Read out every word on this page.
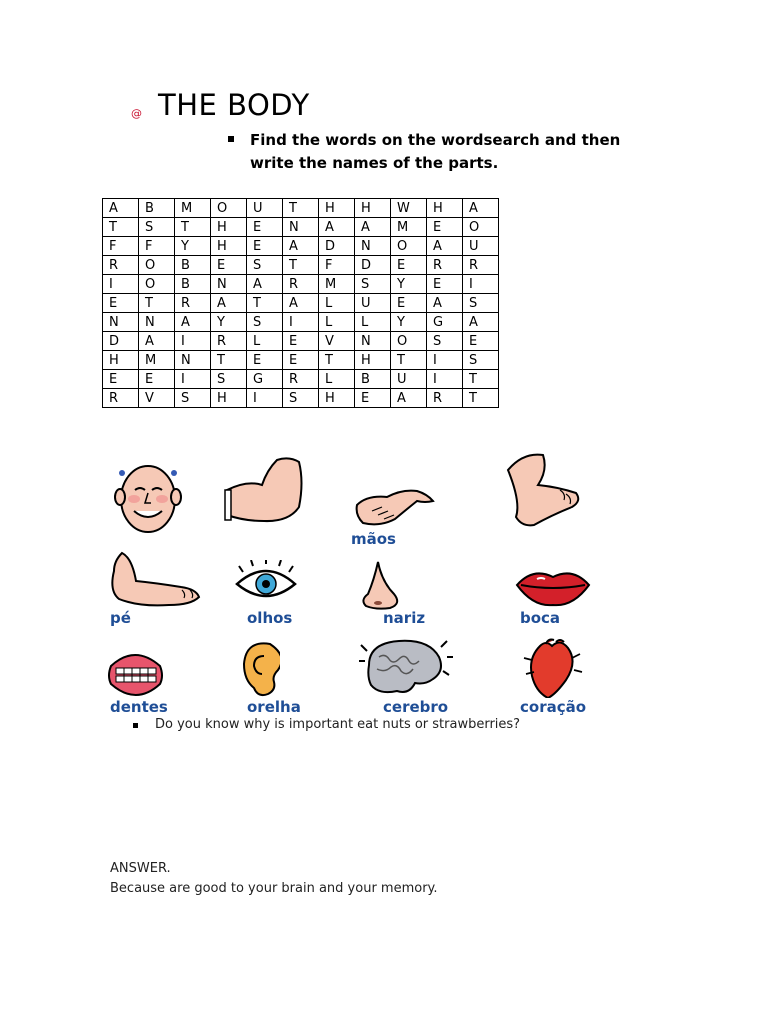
@ THE BODY
Find the words on the wordsearch and then write the names of the parts.
A	B	M	O	U	T	H	H	W	H	A
T	S	T	H	E	N	A	A	M	E	O
F	F	Y	H	E	A	D	N	O	A	U
R	O	B	E	S	T	F	D	E	R	R
I	O	B	N	A	R	M	S	Y	E	I
E	T	R	A	T	A	L	U	E	A	S
N	N	A	Y	S	I	L	L	Y	G	A
D	A	I	R	L	E	V	N	O	S	E
H	M	N	T	E	E	T	H	T	I	S
E	E	I	S	G	R	L	B	U	I	T
R	V	S	H	I	S	H	E	A	R	T
mãos
pé	olhos	nariz	boca
dentes	orelha	cerebro	coração
Do you know why is important eat nuts or strawberries?
ANSWER.
Because are good to your brain and your memory.
